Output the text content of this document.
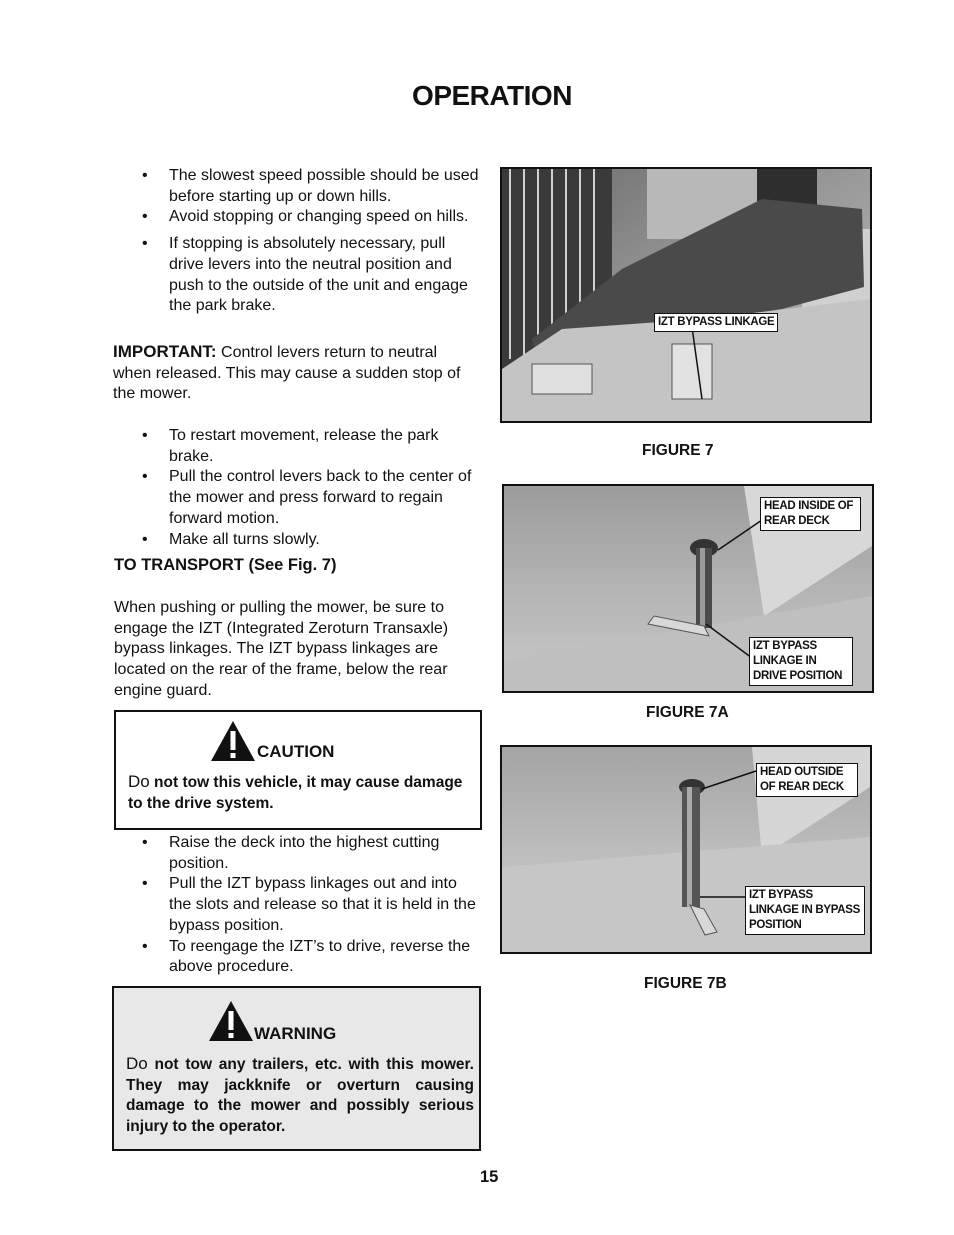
OPERATION
• The slowest speed possible should be used before starting up or down hills.
• Avoid stopping or changing speed on hills.
• If stopping is absolutely necessary, pull drive levers into the neutral position and push to the outside of the unit and engage the park brake.
IMPORTANT: Control levers return to neutral when released. This may cause a sudden stop of the mower.
• To restart movement, release the park brake.
• Pull the control levers back to the center of the mower and press forward to regain forward motion.
• Make all turns slowly.
TO TRANSPORT (See Fig. 7)
When pushing or pulling the mower, be sure to engage the IZT (Integrated Zeroturn Transaxle) bypass linkages. The IZT bypass linkages are located on the rear of the frame, below the rear engine guard.
CAUTION
Do not tow this vehicle, it may cause damage to the drive system.
• Raise the deck into the highest cutting position.
• Pull the IZT bypass linkages out and into the slots and release so that it is held in the bypass position.
• To reengage the IZT’s to drive, reverse the above procedure.
WARNING
Do not tow any trailers, etc. with this mower. They may jackknife or overturn causing damage to the mower and possibly serious injury to the operator.
IZT BYPASS LINKAGE
FIGURE 7
HEAD INSIDE OF REAR DECK
IZT BYPASS LINKAGE IN DRIVE POSITION
FIGURE 7A
HEAD OUTSIDE OF REAR DECK
IZT BYPASS LINKAGE IN BYPASS POSITION
FIGURE 7B
15
